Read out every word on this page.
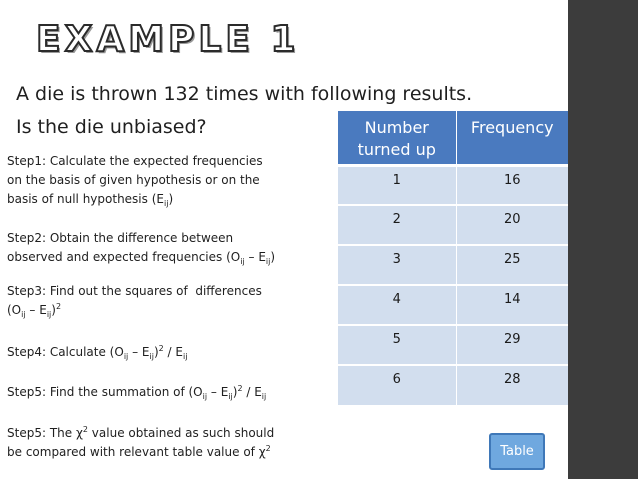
EXAMPLE 1
A die is thrown 132 times with following results.
Is the die unbiased?
Step1: Calculate the expected frequencies
on the basis of given hypothesis or on the
basis of null hypothesis $(E_{ij})$
Step2: Obtain the difference between
observed and expected frequencies $(O_{ij} - E_{ij})$
Step3: Find out the squares of  differences
$(O_{ij} - E_{ij})^2$
Step4: Calculate $(O_{ij} - E_{ij})^2 / E_{ij}$
Step5: Find the summation of $(O_{ij} - E_{ij})^2 / E_{ij}$
Step5: The $\chi^2$ value obtained as such should
be compared with relevant table value of $\chi^2$
Number turned up	Frequency
1	16
2	20
3	25
4	14
5	29
6	28
Table
